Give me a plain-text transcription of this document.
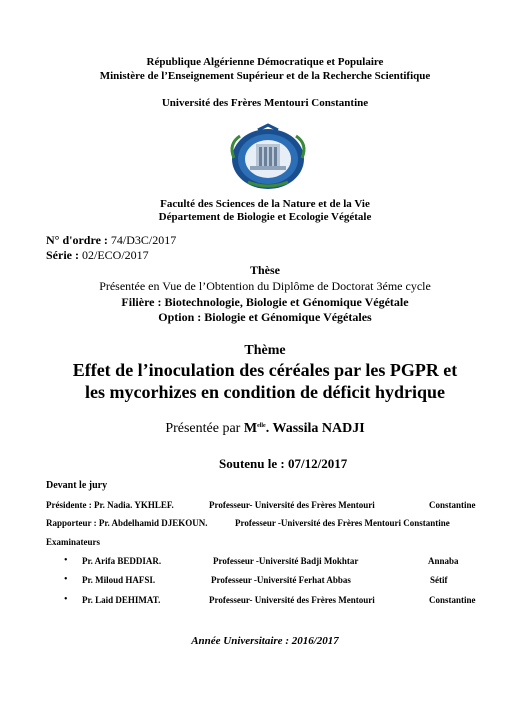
République Algérienne Démocratique et Populaire
Ministère de l’Enseignement Supérieur et de la Recherche Scientifique
Université des Frères Mentouri Constantine
Faculté des Sciences de la Nature et de la Vie
Département de Biologie et Ecologie Végétale
N° d'ordre : 74/D3C/2017
Série : 02/ECO/2017
Thèse
Présentée en Vue de l’Obtention du Diplôme de Doctorat 3éme cycle
Filière : Biotechnologie, Biologie et Génomique Végétale
Option : Biologie et Génomique Végétales
Thème
Effet de l’inoculation des céréales par les PGPR et
les mycorhizes en condition de déficit hydrique
Présentée par $M^{elle}$. Wassila NADJI
Soutenu le : 07/12/2017
Devant le jury
Présidente : Pr. Nadia. YKHLEF.	Professeur- Université des Frères Mentouri	Constantine
Rapporteur : Pr. Abdelhamid DJEKOUN.	Professeur -Université des Frères Mentouri Constantine
Examinateurs
• Pr. Arifa BEDDIAR.	Professeur -Université Badji Mokhtar	Annaba
• Pr. Miloud HAFSI.	Professeur -Université Ferhat Abbas	Sétif
• Pr. Laid DEHIMAT.	Professeur- Université des Frères Mentouri	Constantine
Année Universitaire : 2016/2017
